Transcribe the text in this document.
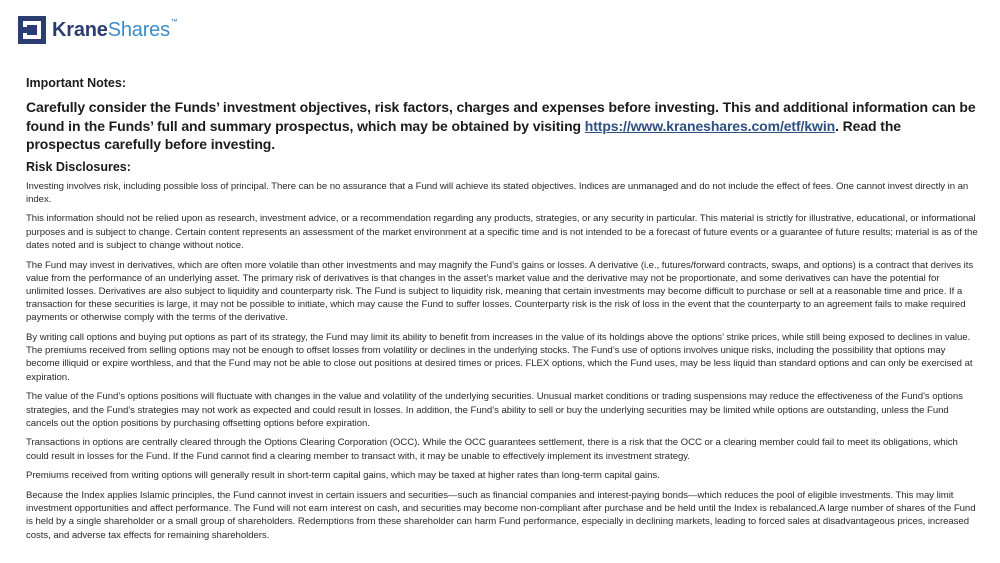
KraneShares™
Important Notes:
Carefully consider the Funds’ investment objectives, risk factors, charges and expenses before investing. This and additional information can be found in the Funds’ full and summary prospectus, which may be obtained by visiting https://www.kraneshares.com/etf/kwin. Read the prospectus carefully before investing.
Risk Disclosures:

Investing involves risk, including possible loss of principal. There can be no assurance that a Fund will achieve its stated objectives. Indices are unmanaged and do not include the effect of fees. One cannot invest directly in an index.

This information should not be relied upon as research, investment advice, or a recommendation regarding any products, strategies, or any security in particular. This material is strictly for illustrative, educational, or informational purposes and is subject to change. Certain content represents an assessment of the market environment at a specific time and is not intended to be a forecast of future events or a guarantee of future results; material is as of the dates noted and is subject to change without notice.

The Fund may invest in derivatives, which are often more volatile than other investments and may magnify the Fund’s gains or losses. A derivative (i.e., futures/forward contracts, swaps, and options) is a contract that derives its value from the performance of an underlying asset. The primary risk of derivatives is that changes in the asset’s market value and the derivative may not be proportionate, and some derivatives can have the potential for unlimited losses. Derivatives are also subject to liquidity and counterparty risk. The Fund is subject to liquidity risk, meaning that certain investments may become difficult to purchase or sell at a reasonable time and price. If a transaction for these securities is large, it may not be possible to initiate, which may cause the Fund to suffer losses. Counterparty risk is the risk of loss in the event that the counterparty to an agreement fails to make required payments or otherwise comply with the terms of the derivative.

By writing call options and buying put options as part of its strategy, the Fund may limit its ability to benefit from increases in the value of its holdings above the options’ strike prices, while still being exposed to declines in value. The premiums received from selling options may not be enough to offset losses from volatility or declines in the underlying stocks. The Fund’s use of options involves unique risks, including the possibility that options may become illiquid or expire worthless, and that the Fund may not be able to close out positions at desired times or prices. FLEX options, which the Fund uses, may be less liquid than standard options and can only be exercised at expiration.

The value of the Fund’s options positions will fluctuate with changes in the value and volatility of the underlying securities. Unusual market conditions or trading suspensions may reduce the effectiveness of the Fund’s options strategies, and the Fund’s strategies may not work as expected and could result in losses. In addition, the Fund’s ability to sell or buy the underlying securities may be limited while options are outstanding, unless the Fund cancels out the option positions by purchasing offsetting options before expiration.

Transactions in options are centrally cleared through the Options Clearing Corporation (OCC). While the OCC guarantees settlement, there is a risk that the OCC or a clearing member could fail to meet its obligations, which could result in losses for the Fund. If the Fund cannot find a clearing member to transact with, it may be unable to effectively implement its investment strategy.

Premiums received from writing options will generally result in short-term capital gains, which may be taxed at higher rates than long-term capital gains.

Because the Index applies Islamic principles, the Fund cannot invest in certain issuers and securities—such as financial companies and interest-paying bonds—which reduces the pool of eligible investments. This may limit investment opportunities and affect performance. The Fund will not earn interest on cash, and securities may become non-compliant after purchase and be held until the Index is rebalanced.A large number of shares of the Fund is held by a single shareholder or a small group of shareholders. Redemptions from these shareholder can harm Fund performance, especially in declining markets, leading to forced sales at disadvantageous prices, increased costs, and adverse tax effects for remaining shareholders.
